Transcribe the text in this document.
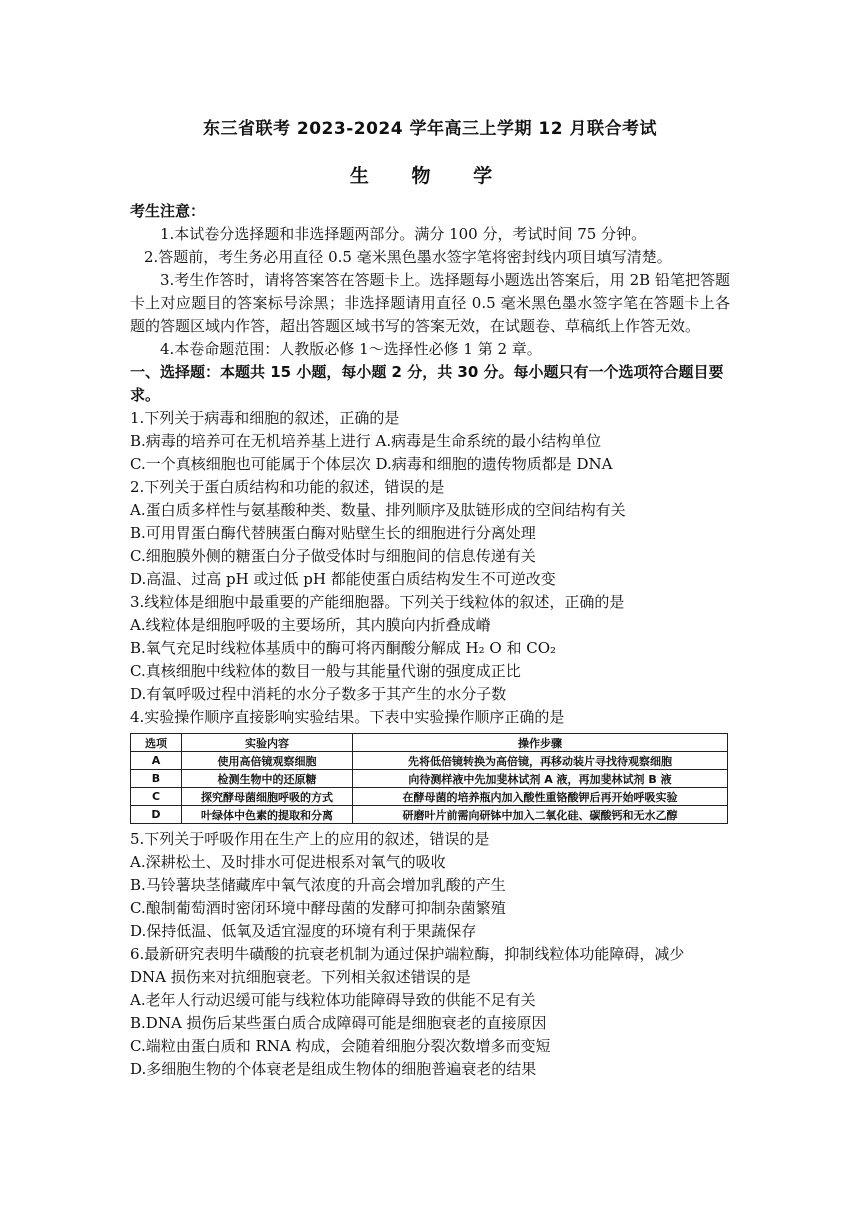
东三省联考 2023-2024 学年高三上学期 12 月联合考试
生 物 学
考生注意：
1.本试卷分选择题和非选择题两部分。满分 100 分，考试时间 75 分钟。
2.答题前，考生务必用直径 0.5 毫米黑色墨水签字笔将密封线内项目填写清楚。
3.考生作答时，请将答案答在答题卡上。选择题每小题选出答案后，用 2B 铅笔把答题卡上对应题目的答案标号涂黑；非选择题请用直径 0.5 毫米黑色墨水签字笔在答题卡上各题的答题区域内作答，超出答题区域书写的答案无效，在试题卷、草稿纸上作答无效。
4.本卷命题范围：人教版必修 1～选择性必修 1 第 2 章。
一、选择题：本题共 15 小题，每小题 2 分，共 30 分。每小题只有一个选项符合题目要求。
1.下列关于病毒和细胞的叙述，正确的是
B.病毒的培养可在无机培养基上进行 A.病毒是生命系统的最小结构单位
C.一个真核细胞也可能属于个体层次 D.病毒和细胞的遗传物质都是 DNA
2.下列关于蛋白质结构和功能的叙述，错误的是
A.蛋白质多样性与氨基酸种类、数量、排列顺序及肽链形成的空间结构有关
B.可用胃蛋白酶代替胰蛋白酶对贴壁生长的细胞进行分离处理
C.细胞膜外侧的糖蛋白分子做受体时与细胞间的信息传递有关
D.高温、过高 pH 或过低 pH 都能使蛋白质结构发生不可逆改变
3.线粒体是细胞中最重要的产能细胞器。下列关于线粒体的叙述，正确的是
A.线粒体是细胞呼吸的主要场所，其内膜向内折叠成嵴
B.氧气充足时线粒体基质中的酶可将丙酮酸分解成 H₂ O 和 CO₂
C.真核细胞中线粒体的数目一般与其能量代谢的强度成正比
D.有氧呼吸过程中消耗的水分子数多于其产生的水分子数
4.实验操作顺序直接影响实验结果。下表中实验操作顺序正确的是
选项	实验内容	操作步骤
A	使用高倍镜观察细胞	先将低倍镜转换为高倍镜，再移动装片寻找待观察细胞
B	检测生物中的还原糖	向待测样液中先加斐林试剂 A 液，再加斐林试剂 B 液
C	探究酵母菌细胞呼吸的方式	在酵母菌的培养瓶内加入酸性重铬酸钾后再开始呼吸实验
D	叶绿体中色素的提取和分离	研磨叶片前需向研钵中加入二氧化硅、碳酸钙和无水乙醇
5.下列关于呼吸作用在生产上的应用的叙述，错误的是
A.深耕松土、及时排水可促进根系对氧气的吸收
B.马铃薯块茎储藏库中氧气浓度的升高会增加乳酸的产生
C.酿制葡萄酒时密闭环境中酵母菌的发酵可抑制杂菌繁殖
D.保持低温、低氧及适宜湿度的环境有利于果蔬保存
6.最新研究表明牛磺酸的抗衰老机制为通过保护端粒酶，抑制线粒体功能障碍，减少
DNA 损伤来对抗细胞衰老。下列相关叙述错误的是
A.老年人行动迟缓可能与线粒体功能障碍导致的供能不足有关
B.DNA 损伤后某些蛋白质合成障碍可能是细胞衰老的直接原因
C.端粒由蛋白质和 RNA 构成，会随着细胞分裂次数增多而变短
D.多细胞生物的个体衰老是组成生物体的细胞普遍衰老的结果
